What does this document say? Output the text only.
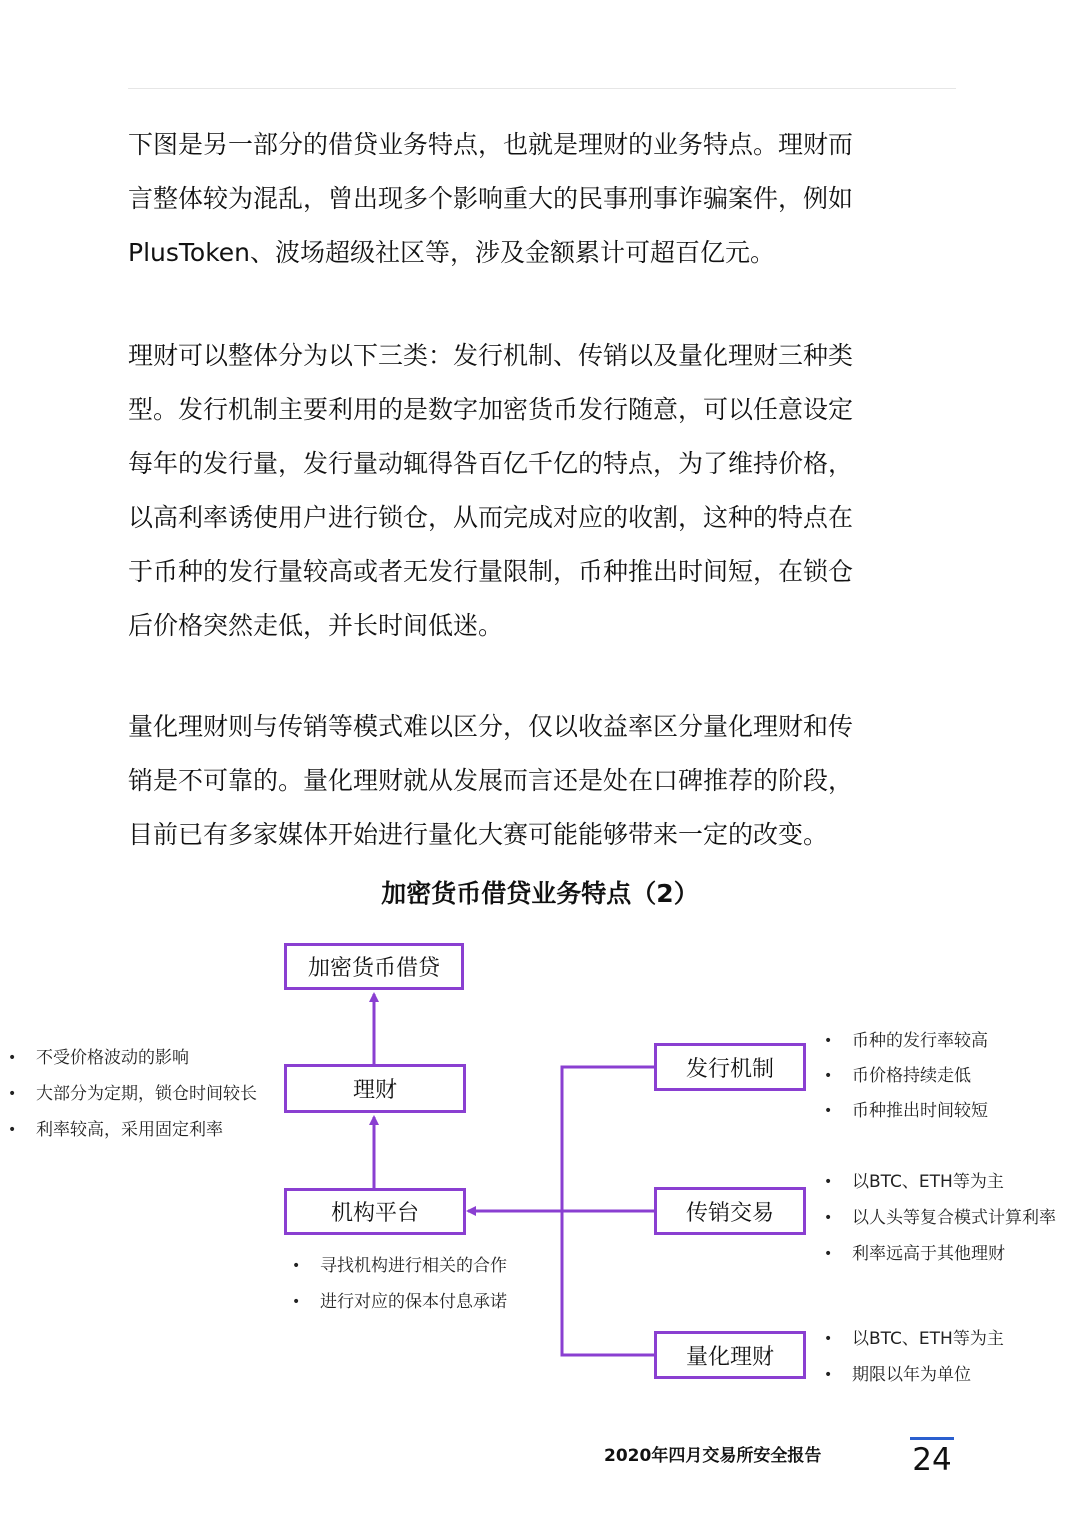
下图是另一部分的借贷业务特点，也就是理财的业务特点。理财而
言整体较为混乱，曾出现多个影响重大的民事刑事诈骗案件，例如
PlusToken、波场超级社区等，涉及金额累计可超百亿元。

理财可以整体分为以下三类：发行机制、传销以及量化理财三种类
型。发行机制主要利用的是数字加密货币发行随意，可以任意设定
每年的发行量，发行量动辄得咎百亿千亿的特点，为了维持价格，
以高利率诱使用户进行锁仓，从而完成对应的收割，这种的特点在
于币种的发行量较高或者无发行量限制，币种推出时间短，在锁仓
后价格突然走低，并长时间低迷。

量化理财则与传销等模式难以区分，仅以收益率区分量化理财和传
销是不可靠的。量化理财就从发展而言还是处在口碑推荐的阶段，
目前已有多家媒体开始进行量化大赛可能能够带来一定的改变。

加密货币借贷业务特点（2）
加密货币借贷
理财
机构平台
发行机制
传销交易
量化理财
• 不受价格波动的影响
• 大部分为定期，锁仓时间较长
• 利率较高，采用固定利率
• 寻找机构进行相关的合作
• 进行对应的保本付息承诺
• 币种的发行率较高
• 币价格持续走低
• 币种推出时间较短
• 以BTC、ETH等为主
• 以人头等复合模式计算利率
• 利率远高于其他理财
• 以BTC、ETH等为主
• 期限以年为单位
2020年四月交易所安全报告	24
